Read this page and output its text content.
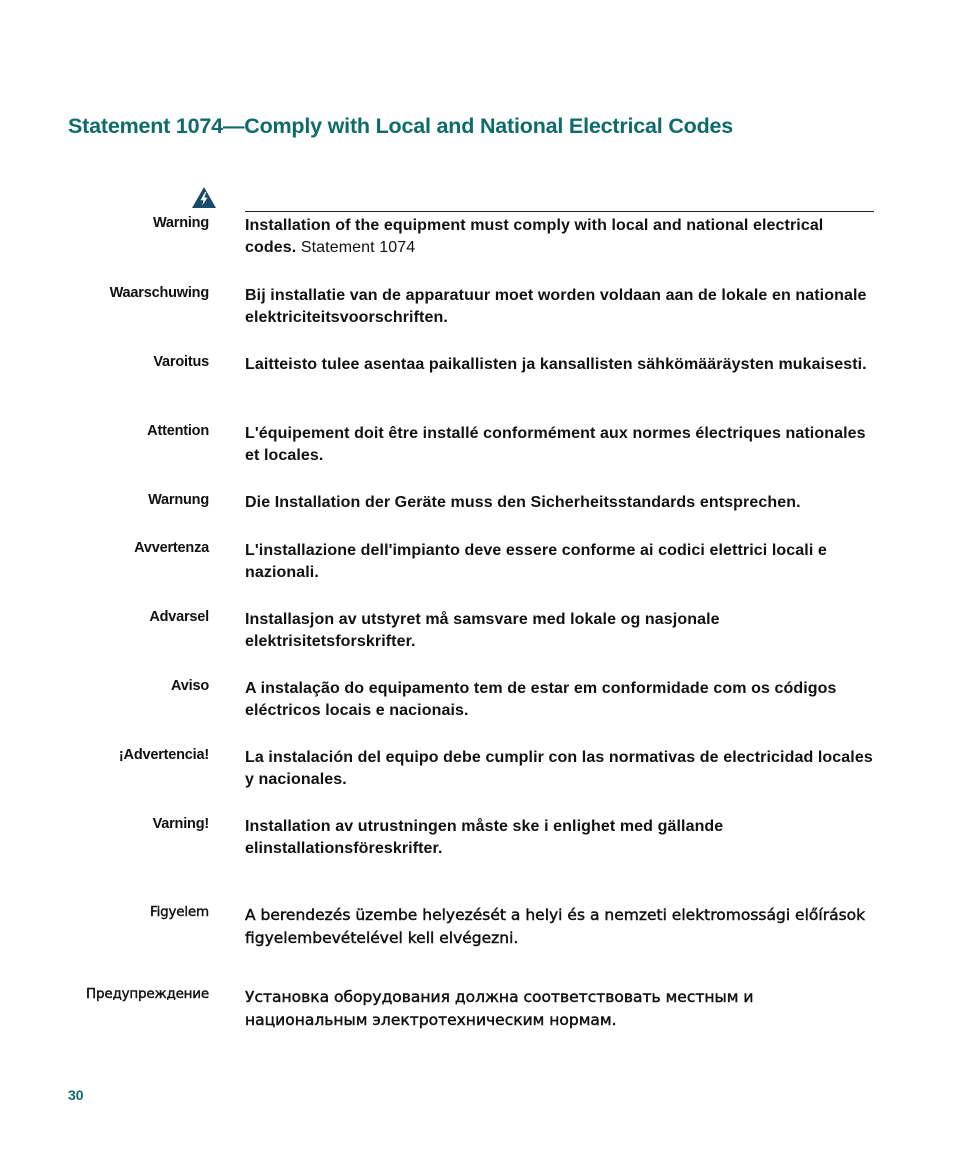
Statement 1074—Comply with Local and National Electrical Codes
Warning Installation of the equipment must comply with local and national electrical codes. Statement 1074
Waarschuwing Bij installatie van de apparatuur moet worden voldaan aan de lokale en nationale elektriciteitsvoorschriften.
Varoitus Laitteisto tulee asentaa paikallisten ja kansallisten sähkömääräysten mukaisesti.
Attention L'équipement doit être installé conformément aux normes électriques nationales et locales.
Warnung Die Installation der Geräte muss den Sicherheitsstandards entsprechen.
Avvertenza L'installazione dell'impianto deve essere conforme ai codici elettrici locali e nazionali.
Advarsel Installasjon av utstyret må samsvare med lokale og nasjonale elektrisitetsforskrifter.
Aviso A instalação do equipamento tem de estar em conformidade com os códigos eléctricos locais e nacionais.
¡Advertencia! La instalación del equipo debe cumplir con las normativas de electricidad locales y nacionales.
Varning! Installation av utrustningen måste ske i enlighet med gällande elinstallationsföreskrifter.
Figyelem A berendezés üzembe helyezését a helyi és a nemzeti elektromossági előírások figyelembevételével kell elvégezni.
Предупреждение Установка оборудования должна соответствовать местным и национальным электротехническим нормам.
30
